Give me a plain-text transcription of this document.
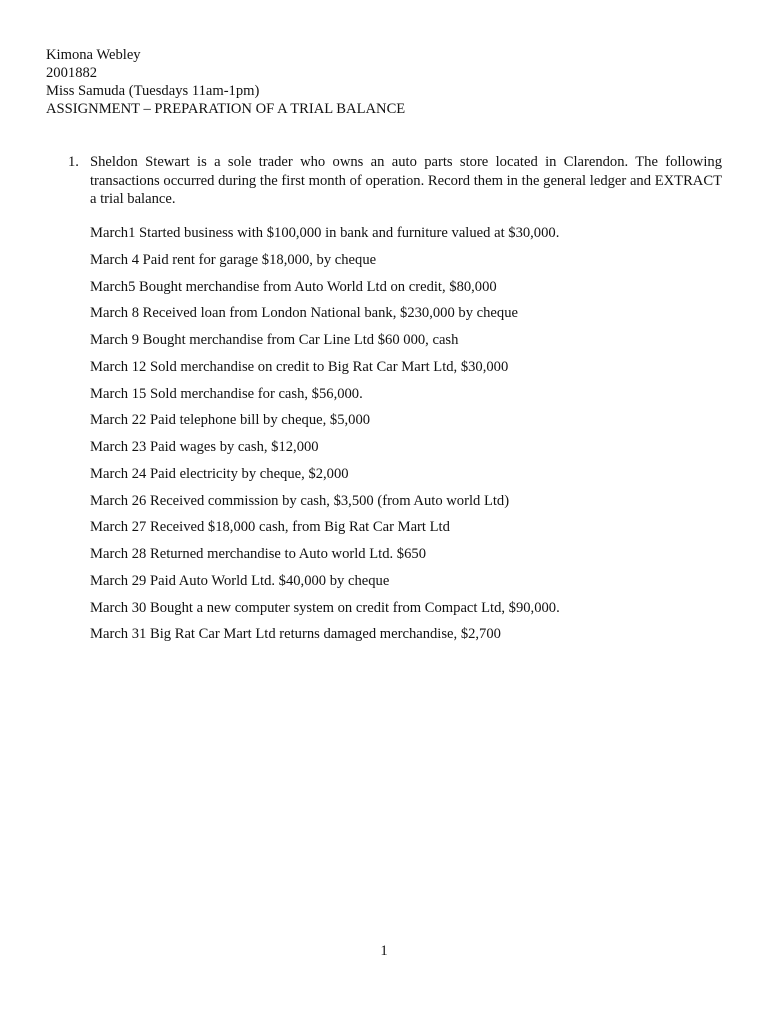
Kimona Webley
2001882
Miss Samuda (Tuesdays 11am-1pm)
ASSIGNMENT – PREPARATION OF A TRIAL BALANCE
1. Sheldon Stewart is a sole trader who owns an auto parts store located in Clarendon. The following transactions occurred during the first month of operation. Record them in the general ledger and EXTRACT a trial balance.
March1 Started business with $100,000 in bank and furniture valued at $30,000.
March 4 Paid rent for garage $18,000, by cheque
March5 Bought merchandise from Auto World Ltd on credit, $80,000
March 8 Received loan from London National bank, $230,000 by cheque
March 9 Bought merchandise from Car Line Ltd $60 000, cash
March 12 Sold merchandise on credit to Big Rat Car Mart Ltd, $30,000
March 15 Sold merchandise for cash, $56,000.
March 22 Paid telephone bill by cheque, $5,000
March 23 Paid wages by cash, $12,000
March 24 Paid electricity by cheque, $2,000
March 26 Received commission by cash, $3,500 (from Auto world Ltd)
March 27 Received $18,000 cash, from Big Rat Car Mart Ltd
March 28 Returned merchandise to Auto world Ltd. $650
March 29 Paid Auto World Ltd. $40,000 by cheque
March 30 Bought a new computer system on credit from Compact Ltd, $90,000.
March 31 Big Rat Car Mart Ltd returns damaged merchandise, $2,700
1
